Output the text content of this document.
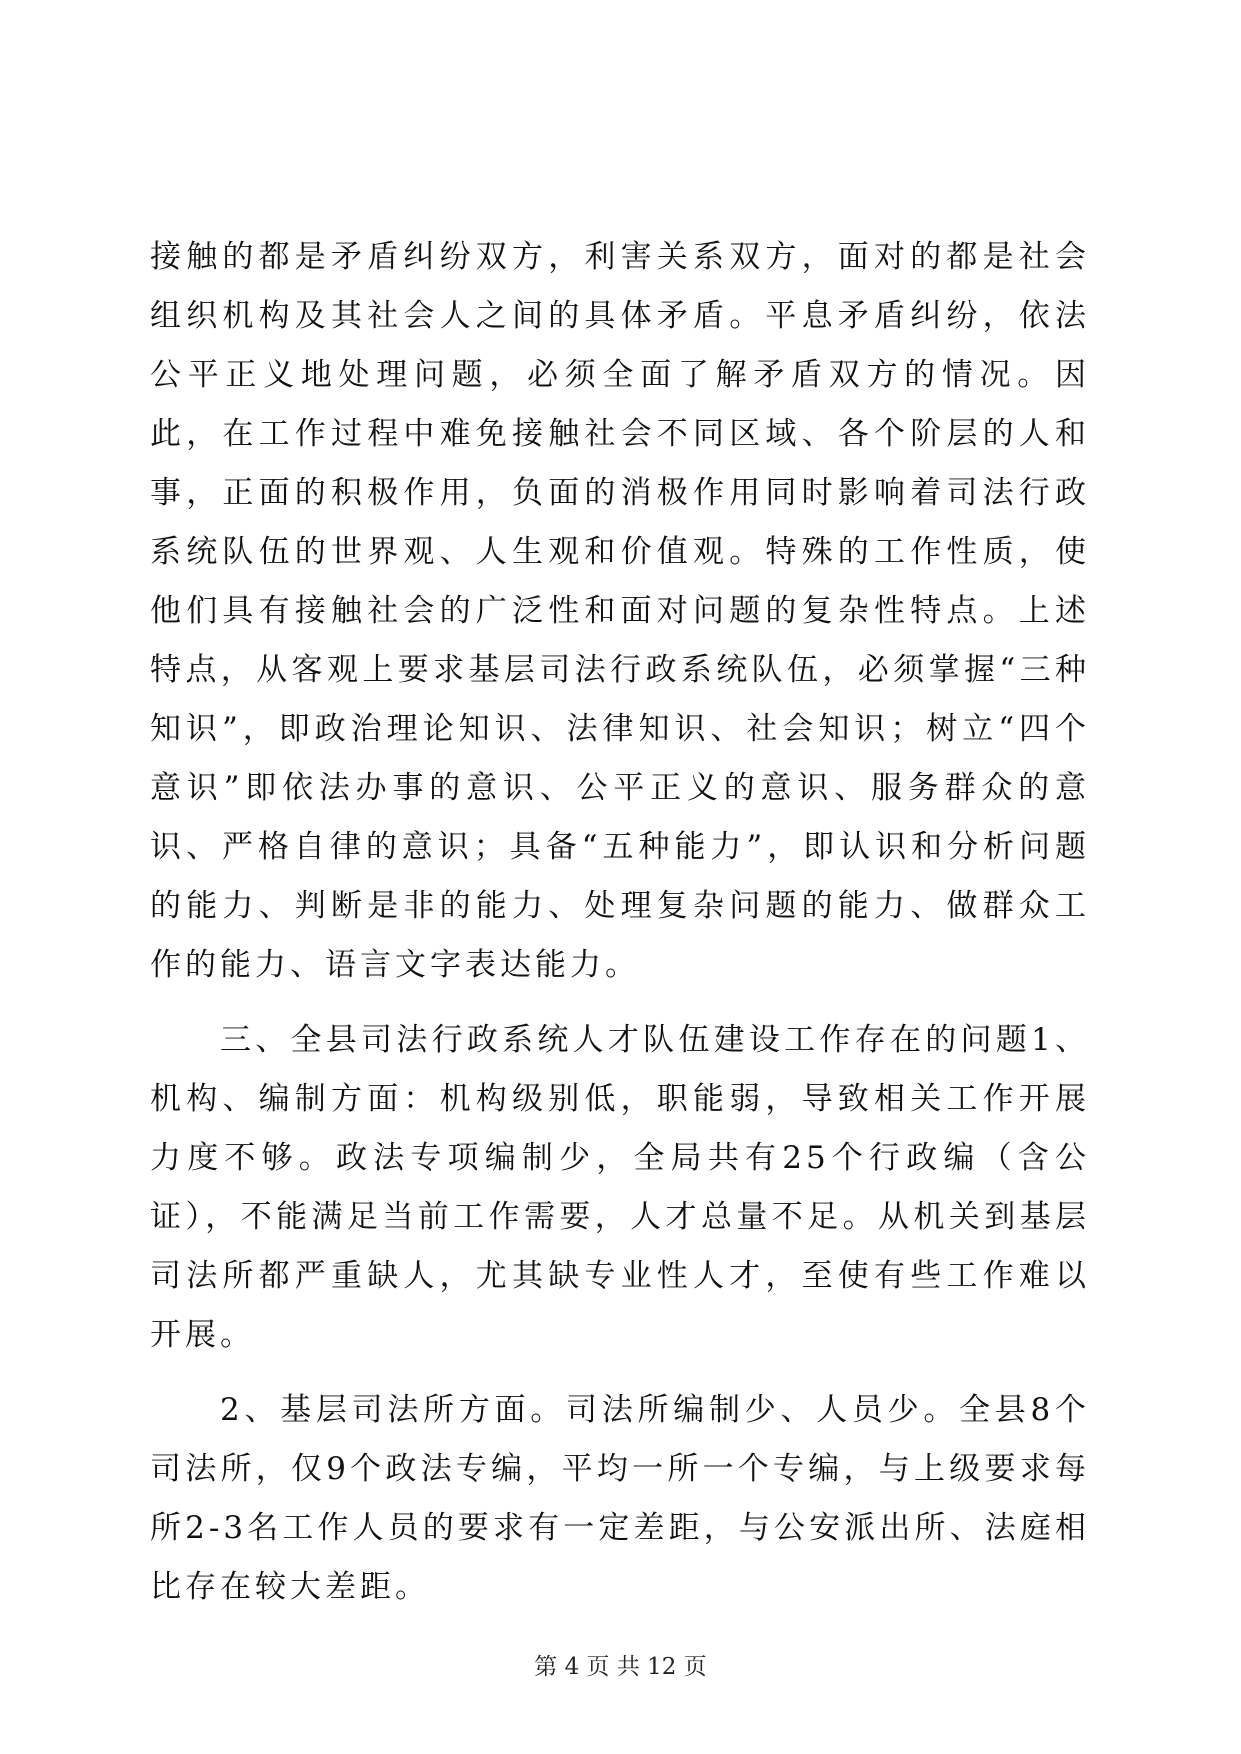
接触的都是矛盾纠纷双方，利害关系双方，面对的都是社会组织机构及其社会人之间的具体矛盾。平息矛盾纠纷，依法公平正义地处理问题，必须全面了解矛盾双方的情况。因此，在工作过程中难免接触社会不同区域、各个阶层的人和事，正面的积极作用，负面的消极作用同时影响着司法行政系统队伍的世界观、人生观和价值观。特殊的工作性质，使他们具有接触社会的广泛性和面对问题的复杂性特点。上述特点，从客观上要求基层司法行政系统队伍，必须掌握“三种知识”，即政治理论知识、法律知识、社会知识；树立“四个意识”即依法办事的意识、公平正义的意识、服务群众的意识、严格自律的意识；具备“五种能力”，即认识和分析问题的能力、判断是非的能力、处理复杂问题的能力、做群众工作的能力、语言文字表达能力。

三、全县司法行政系统人才队伍建设工作存在的问题1、机构、编制方面：机构级别低，职能弱，导致相关工作开展力度不够。政法专项编制少，全局共有25个行政编（含公证），不能满足当前工作需要，人才总量不足。从机关到基层司法所都严重缺人，尤其缺专业性人才，至使有些工作难以开展。

2、基层司法所方面。司法所编制少、人员少。全县8个司法所，仅9个政法专编，平均一所一个专编，与上级要求每所2-3名工作人员的要求有一定差距，与公安派出所、法庭相比存在较大差距。

第 4 页 共 12 页
